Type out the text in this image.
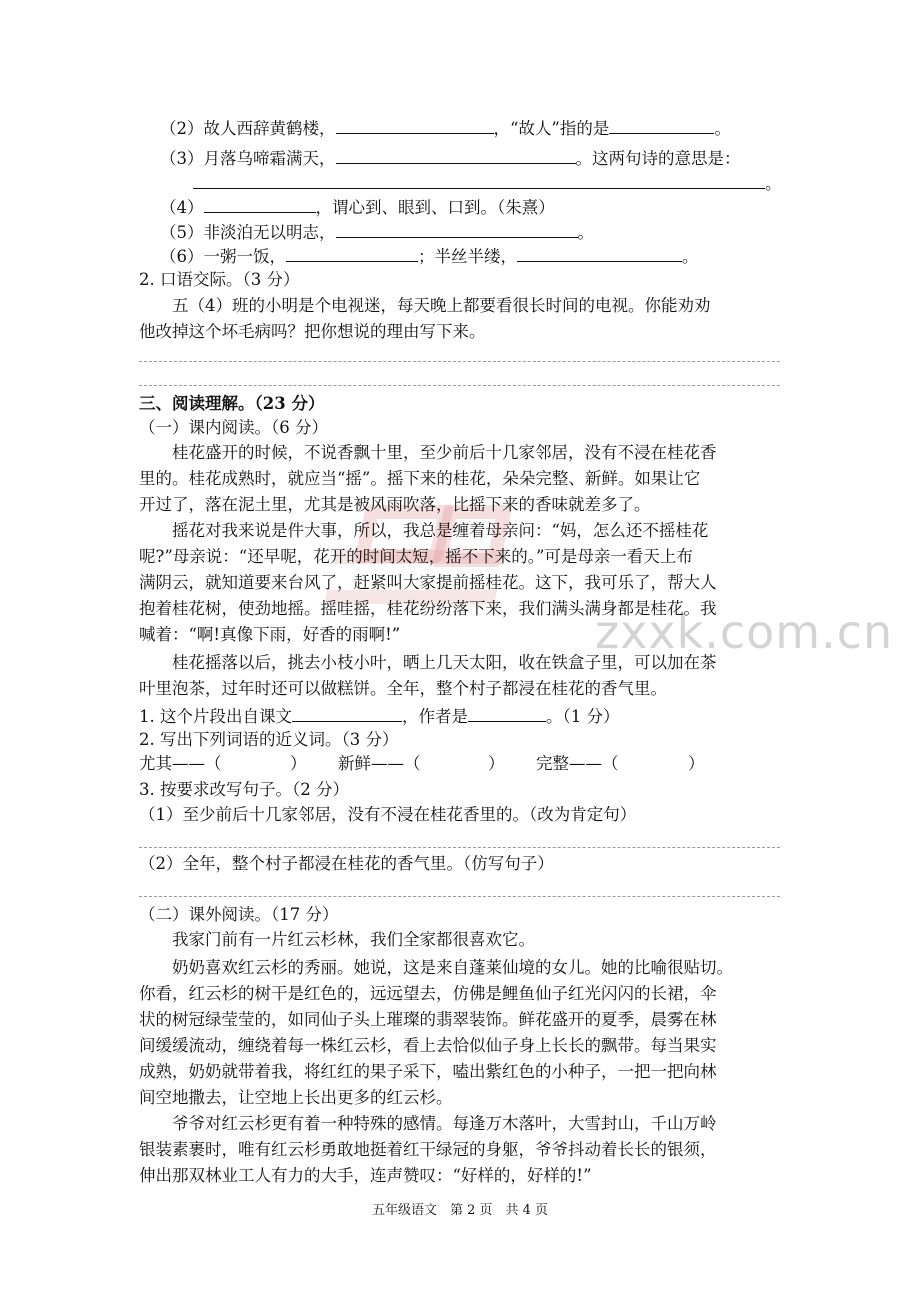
zxxk.com.cn
（2）故人西辞黄鹤楼，	，“故人”指的是	。
（3）月落乌啼霜满天，	。这两句诗的意思是：
。
（4）	，谓心到、眼到、口到。（朱熹）
（5）非淡泊无以明志，	。
（6）一粥一饭，	；半丝半缕，	。
2. 口语交际。（3 分）
五（4）班的小明是个电视迷，每天晚上都要看很长时间的电视。你能劝劝
他改掉这个坏毛病吗？把你想说的理由写下来。
三、阅读理解。（23 分）
（一）课内阅读。（6 分）
桂花盛开的时候，不说香飘十里，至少前后十几家邻居，没有不浸在桂花香
里的。桂花成熟时，就应当“摇”。摇下来的桂花，朵朵完整、新鲜。如果让它
开过了，落在泥土里，尤其是被风雨吹落，比摇下来的香味就差多了。
摇花对我来说是件大事，所以，我总是缠着母亲问：“妈，怎么还不摇桂花
呢?”母亲说：“还早呢，花开的时间太短，摇不下来的。”可是母亲一看天上布
满阴云，就知道要来台风了，赶紧叫大家提前摇桂花。这下，我可乐了，帮大人
抱着桂花树，使劲地摇。摇哇摇，桂花纷纷落下来，我们满头满身都是桂花。我
喊着：“啊!真像下雨，好香的雨啊!”
桂花摇落以后，挑去小枝小叶，晒上几天太阳，收在铁盒子里，可以加在茶
叶里泡茶，过年时还可以做糕饼。全年，整个村子都浸在桂花的香气里。
1. 这个片段出自课文	，作者是	。（1 分）
2. 写出下列词语的近义词。（3 分）
尤其——（	） 新鲜——（	） 完整——（	）
3. 按要求改写句子。（2 分）
（1）至少前后十几家邻居，没有不浸在桂花香里的。（改为肯定句）
（2）全年，整个村子都浸在桂花的香气里。（仿写句子）
（二）课外阅读。（17 分）
我家门前有一片红云杉林，我们全家都很喜欢它。
奶奶喜欢红云杉的秀丽。她说，这是来自蓬莱仙境的女儿。她的比喻很贴切。
你看，红云杉的树干是红色的，远远望去，仿佛是鲤鱼仙子红光闪闪的长裙，伞
状的树冠绿莹莹的，如同仙子头上璀璨的翡翠装饰。鲜花盛开的夏季，晨雾在林
间缓缓流动，缠绕着每一株红云杉，看上去恰似仙子身上长长的飘带。每当果实
成熟，奶奶就带着我，将红红的果子采下，嗑出紫红色的小种子，一把一把向林
间空地撒去，让空地上长出更多的红云杉。
爷爷对红云杉更有着一种特殊的感情。每逢万木落叶，大雪封山，千山万岭
银装素裹时，唯有红云杉勇敢地挺着红干绿冠的身躯，爷爷抖动着长长的银须，
伸出那双林业工人有力的大手，连声赞叹：“好样的，好样的!”
五年级语文　第 2 页　共 4 页
